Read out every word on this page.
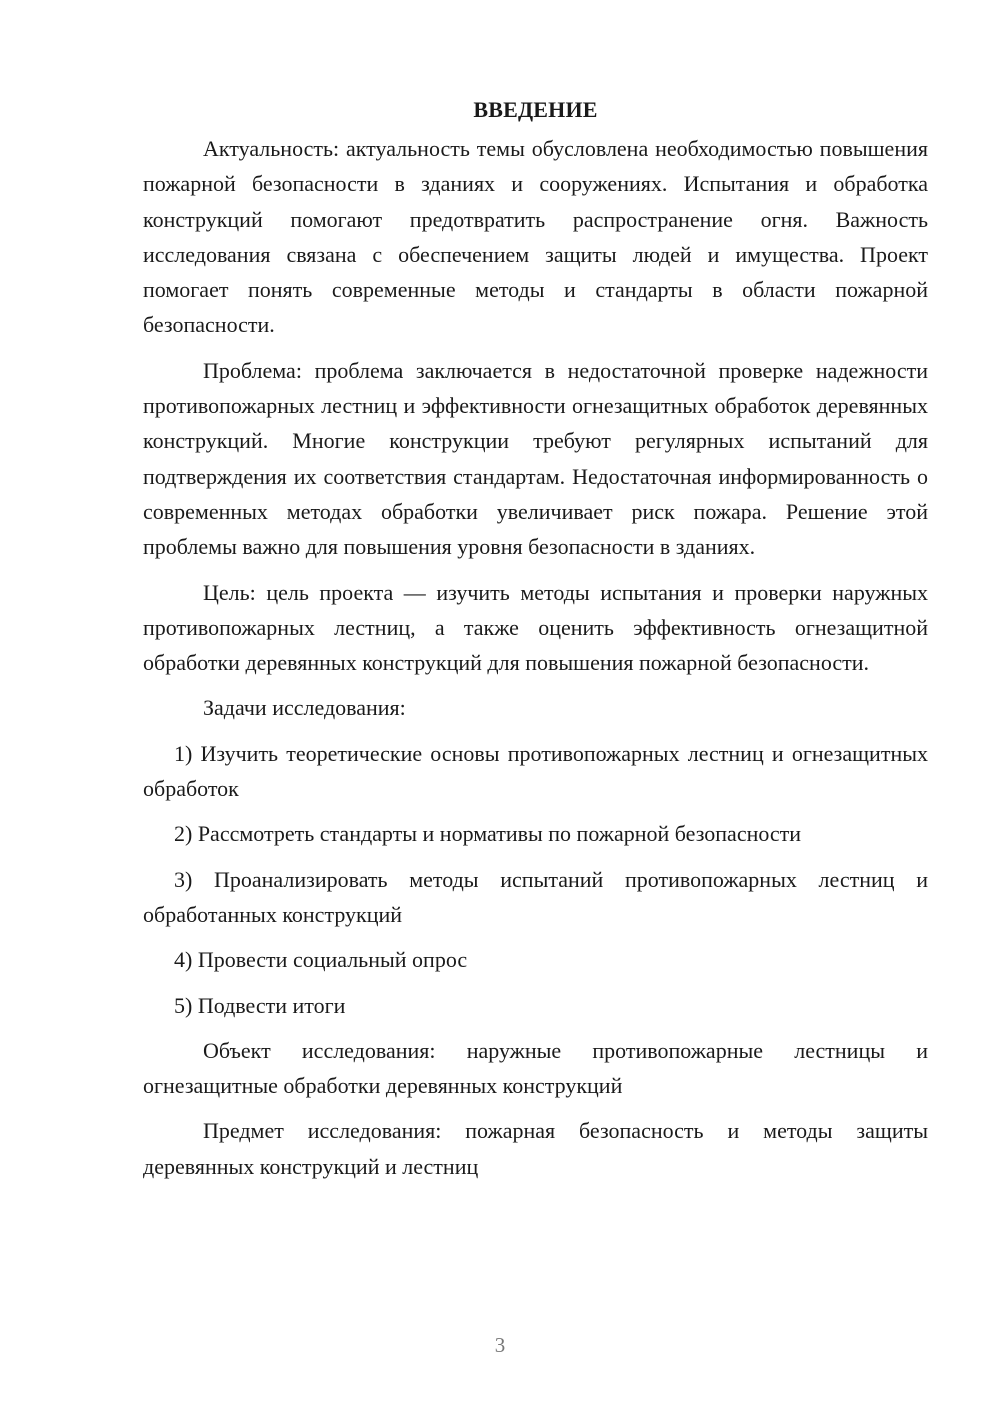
ВВЕДЕНИЕ

Актуальность: актуальность темы обусловлена необходимостью повышения пожарной безопасности в зданиях и сооружениях. Испытания и обработка конструкций помогают предотвратить распространение огня. Важность исследования связана с обеспечением защиты людей и имущества. Проект помогает понять современные методы и стандарты в области пожарной безопасности.

Проблема: проблема заключается в недостаточной проверке надежности противопожарных лестниц и эффективности огнезащитных обработок деревянных конструкций. Многие конструкции требуют регулярных испытаний для подтверждения их соответствия стандартам. Недостаточная информированность о современных методах обработки увеличивает риск пожара. Решение этой проблемы важно для повышения уровня безопасности в зданиях.

Цель: цель проекта — изучить методы испытания и проверки наружных противопожарных лестниц, а также оценить эффективность огнезащитной обработки деревянных конструкций для повышения пожарной безопасности.

Задачи исследования:

1) Изучить теоретические основы противопожарных лестниц и огнезащитных обработок

2) Рассмотреть стандарты и нормативы по пожарной безопасности

3) Проанализировать методы испытаний противопожарных лестниц и обработанных конструкций

4) Провести социальный опрос

5) Подвести итоги

Объект исследования: наружные противопожарные лестницы и огнезащитные обработки деревянных конструкций

Предмет исследования: пожарная безопасность и методы защиты деревянных конструкций и лестниц

3
